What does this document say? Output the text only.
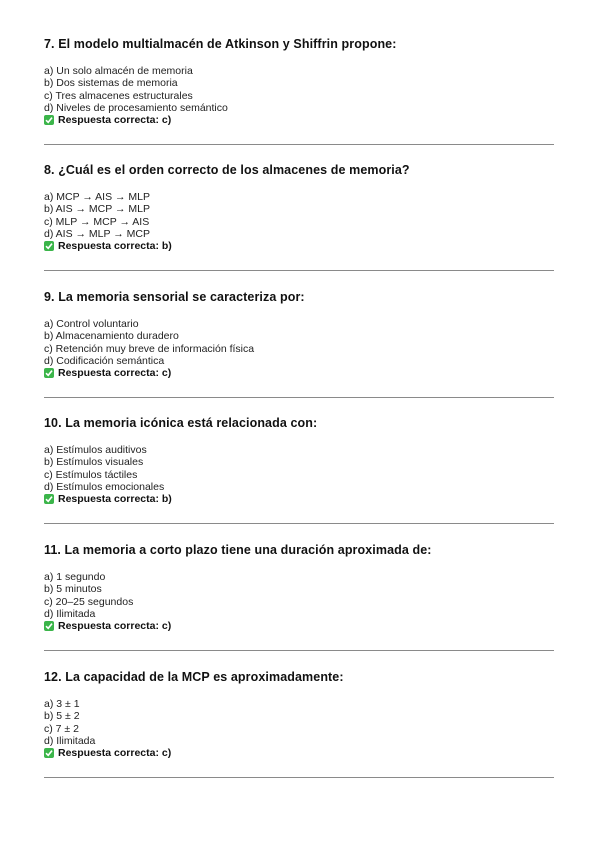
7. El modelo multialmacén de Atkinson y Shiffrin propone:

a) Un solo almacén de memoria
b) Dos sistemas de memoria
c) Tres almacenes estructurales
d) Niveles de procesamiento semántico
Respuesta correcta: c)

8. ¿Cuál es el orden correcto de los almacenes de memoria?

a) MCP → AIS → MLP
b) AIS → MCP → MLP
c) MLP → MCP → AIS
d) AIS → MLP → MCP
Respuesta correcta: b)

9. La memoria sensorial se caracteriza por:

a) Control voluntario
b) Almacenamiento duradero
c) Retención muy breve de información física
d) Codificación semántica
Respuesta correcta: c)

10. La memoria icónica está relacionada con:

a) Estímulos auditivos
b) Estímulos visuales
c) Estímulos táctiles
d) Estímulos emocionales
Respuesta correcta: b)

11. La memoria a corto plazo tiene una duración aproximada de:

a) 1 segundo
b) 5 minutos
c) 20–25 segundos
d) Ilimitada
Respuesta correcta: c)

12. La capacidad de la MCP es aproximadamente:

a) 3 ± 1
b) 5 ± 2
c) 7 ± 2
d) Ilimitada
Respuesta correcta: c)
